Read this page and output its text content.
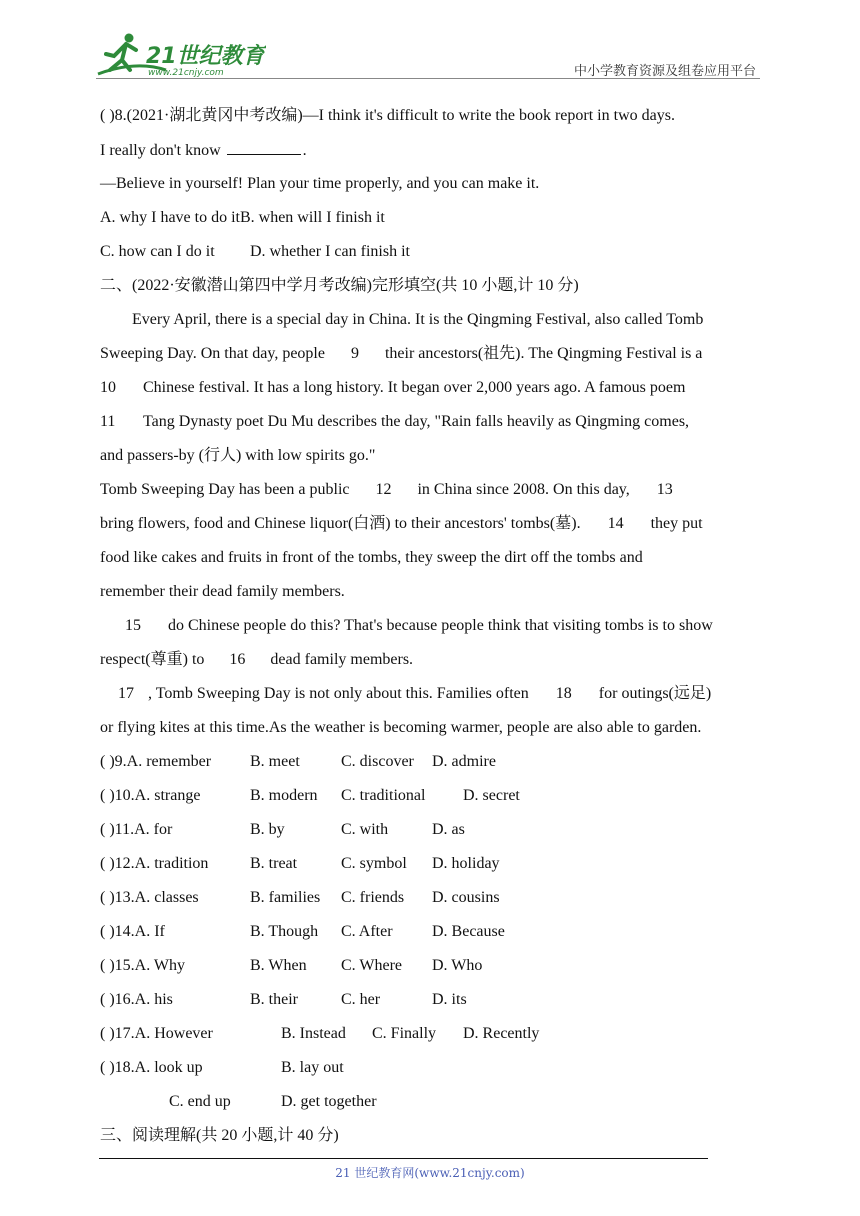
21世纪教育
www.21cnjy.com	中小学教育资源及组卷应用平台
( )8.(2021·湖北黄冈中考改编)—I think it's difficult to write the book report in two days.
I really don't know	.
—Believe in yourself! Plan your time properly, and you can make it.
A. why I have to do itB. when will I finish it
C. how can I do it D. whether I can finish it
二、(2022·安徽潜山第四中学月考改编)完形填空(共 10 小题,计 10 分)
Every April, there is a special day in China. It is the Qingming Festival, also called Tomb
Sweeping Day. On that day, people 9 their ancestors(祖先). The Qingming Festival is a
10 Chinese festival. It has a long history. It began over 2,000 years ago. A famous poem
11 Tang Dynasty poet Du Mu describes the day, "Rain falls heavily as Qingming comes,
and passers-by (行人) with low spirits go."
Tomb Sweeping Day has been a public 12 in China since 2008. On this day, 13
bring flowers, food and Chinese liquor(白酒) to their ancestors' tombs(墓). 14 they put
food like cakes and fruits in front of the tombs, they sweep the dirt off the tombs and
remember their dead family members.
15 do Chinese people do this? That's because people think that visiting tombs is to show
respect(尊重) to 16 dead family members.
17 , Tomb Sweeping Day is not only about this. Families often 18 for outings(远足)
or flying kites at this time.As the weather is becoming warmer, people are also able to garden.
( )9.A. remember B. meet	C. discover D. admire
( )10.A. strange	B. modern C. traditional D. secret
( )11.A. for	B. by	C. with	D. as
( )12.A. tradition	B. treat	C. symbol D. holiday
( )13.A. classes	B. families C. friends D. cousins
( )14.A. If	B. Though C. After D. Because
( )15.A. Why	B. When C. Where D. Who
( )16.A. his	B. their	C. her	D. its
( )17.A. However	B. Instead C. Finally D. Recently
( )18.A. look up	B. lay out
C. end up	D. get together
三、阅读理解(共 20 小题,计 40 分)
21 世纪教育网(www.21cnjy.com)
